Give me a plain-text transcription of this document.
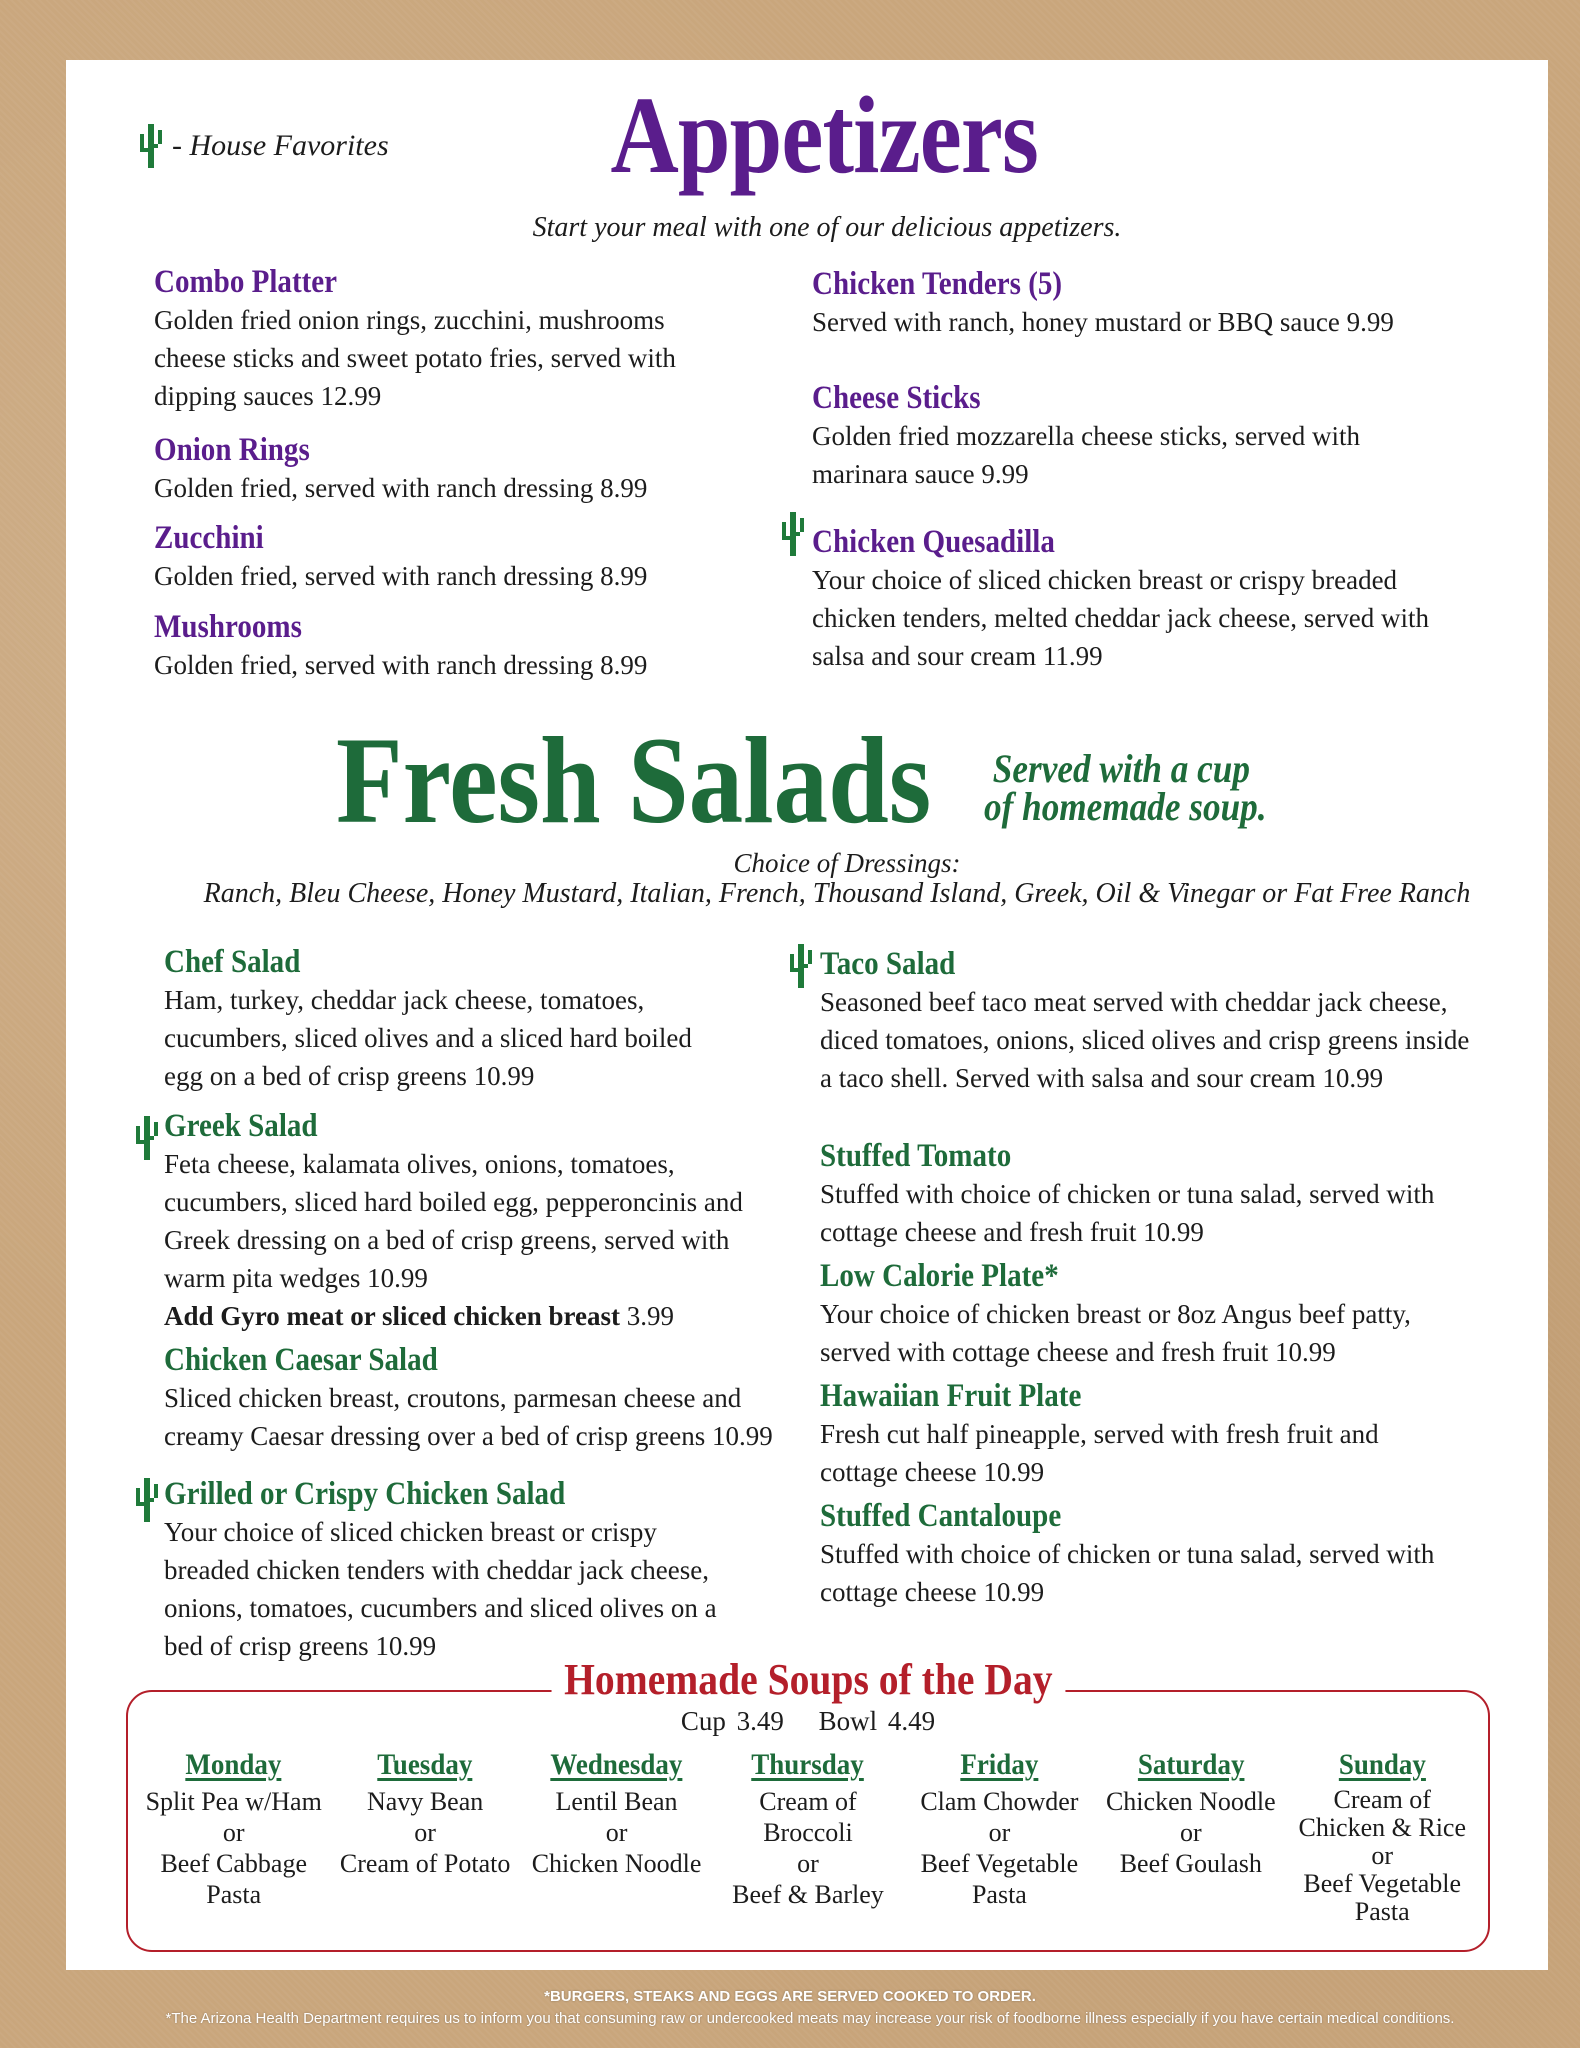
- House Favorites	Appetizers
Start your meal with one of our delicious appetizers.
Combo Platter
Golden fried onion rings, zucchini, mushrooms cheese sticks and sweet potato fries, served with dipping sauces 12.99
Onion Rings
Golden fried, served with ranch dressing 8.99
Zucchini
Golden fried, served with ranch dressing 8.99
Mushrooms
Golden fried, served with ranch dressing 8.99
Chicken Tenders (5)
Served with ranch, honey mustard or BBQ sauce 9.99
Cheese Sticks
Golden fried mozzarella cheese sticks, served with marinara sauce 9.99
Chicken Quesadilla
Your choice of sliced chicken breast or crispy breaded chicken tenders, melted cheddar jack cheese, served with salsa and sour cream 11.99
Fresh Salads Served with a cup
of homemade soup.
Choice of Dressings:
Ranch, Bleu Cheese, Honey Mustard, Italian, French, Thousand Island, Greek, Oil & Vinegar or Fat Free Ranch
Chef Salad
Ham, turkey, cheddar jack cheese, tomatoes, cucumbers, sliced olives and a sliced hard boiled egg on a bed of crisp greens 10.99
Greek Salad
Feta cheese, kalamata olives, onions, tomatoes, cucumbers, sliced hard boiled egg, pepperoncinis and Greek dressing on a bed of crisp greens, served with warm pita wedges 10.99
Add Gyro meat or sliced chicken breast 3.99
Chicken Caesar Salad
Sliced chicken breast, croutons, parmesan cheese and creamy Caesar dressing over a bed of crisp greens 10.99
Grilled or Crispy Chicken Salad
Your choice of sliced chicken breast or crispy breaded chicken tenders with cheddar jack cheese, onions, tomatoes, cucumbers and sliced olives on a bed of crisp greens 10.99
Taco Salad
Seasoned beef taco meat served with cheddar jack cheese, diced tomatoes, onions, sliced olives and crisp greens inside a taco shell. Served with salsa and sour cream 10.99
Stuffed Tomato
Stuffed with choice of chicken or tuna salad, served with cottage cheese and fresh fruit 10.99
Low Calorie Plate*
Your choice of chicken breast or 8oz Angus beef patty, served with cottage cheese and fresh fruit 10.99
Hawaiian Fruit Plate
Fresh cut half pineapple, served with fresh fruit and cottage cheese 10.99
Stuffed Cantaloupe
Stuffed with choice of chicken or tuna salad, served with cottage cheese 10.99
Homemade Soups of the Day
Cup 3.49 Bowl 4.49
Monday
Split Pea w/Ham
or
Beef Cabbage
Pasta
Tuesday
Navy Bean
or
Cream of Potato
Wednesday
Lentil Bean
or
Chicken Noodle
Thursday
Cream of
Broccoli
or
Beef & Barley
Friday
Clam Chowder
or
Beef Vegetable
Pasta
Saturday
Chicken Noodle
or
Beef Goulash
Sunday
Cream of
Chicken & Rice
or
Beef Vegetable
Pasta
*BURGERS, STEAKS AND EGGS ARE SERVED COOKED TO ORDER.
*The Arizona Health Department requires us to inform you that consuming raw or undercooked meats may increase your risk of foodborne illness especially if you have certain medical conditions.
